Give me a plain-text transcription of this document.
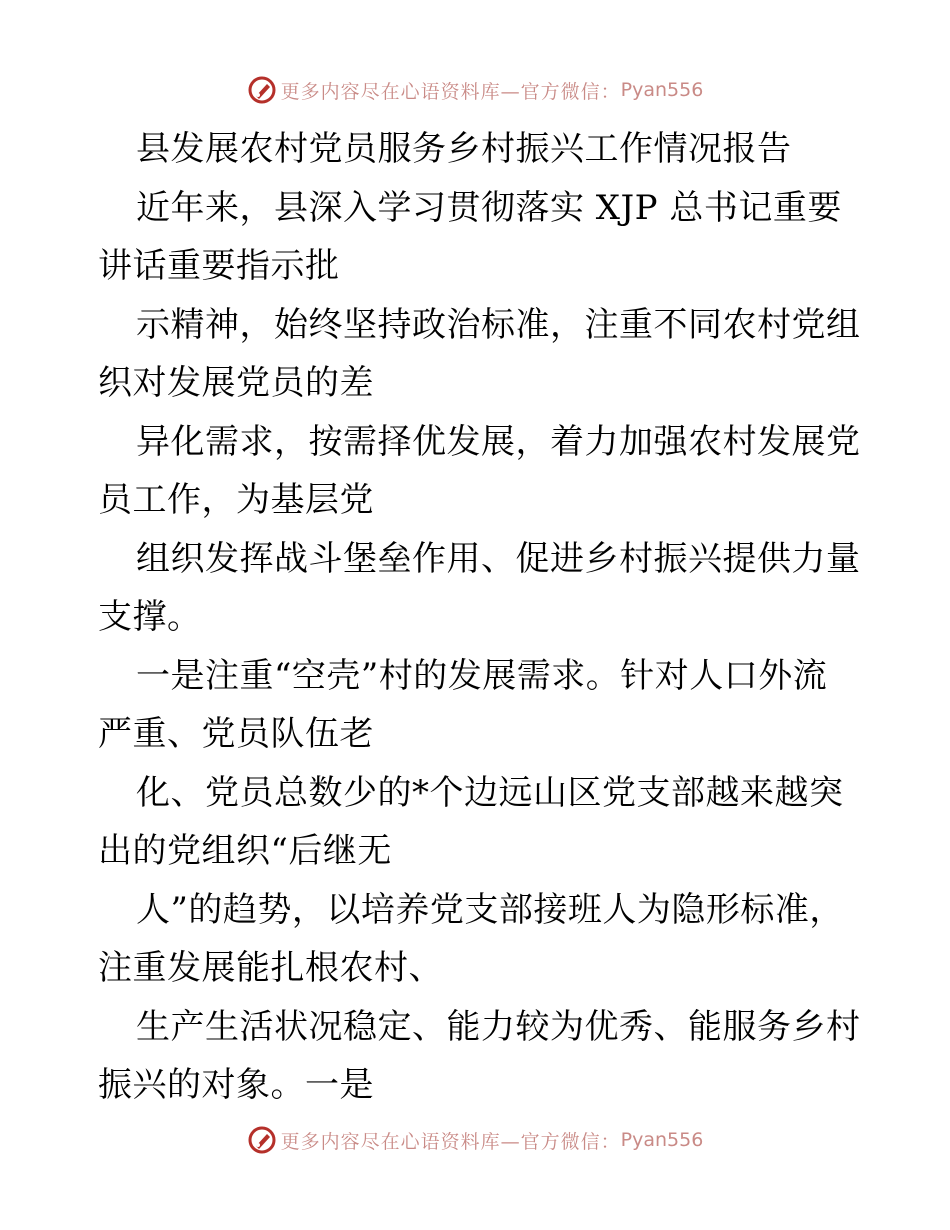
更多内容尽在心语资料库—官方微信： Pyan556
县发展农村党员服务乡村振兴工作情况报告
近年来，县深入学习贯彻落实 XJP 总书记重要
讲话重要指示批
示精神，始终坚持政治标准，注重不同农村党组
织对发展党员的差
异化需求，按需择优发展，着力加强农村发展党
员工作，为基层党
组织发挥战斗堡垒作用、促进乡村振兴提供力量
支撑。
一是注重“空壳”村的发展需求。针对人口外流
严重、党员队伍老
化、党员总数少的*个边远山区党支部越来越突
出的党组织“后继无
人”的趋势，以培养党支部接班人为隐形标准，
注重发展能扎根农村、
生产生活状况稳定、能力较为优秀、能服务乡村
振兴的对象。一是
更多内容尽在心语资料库—官方微信： Pyan556
